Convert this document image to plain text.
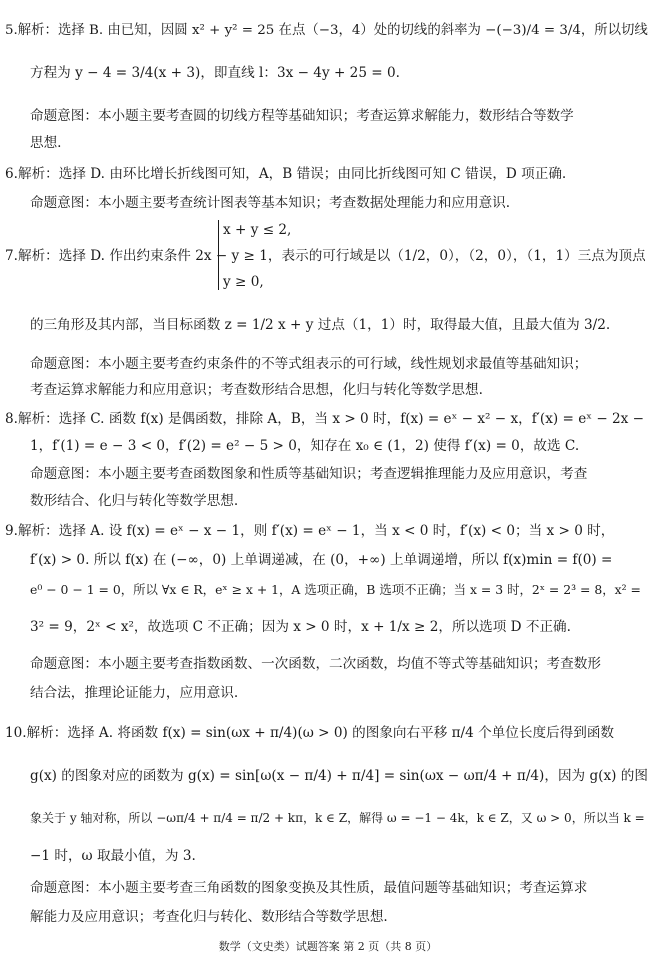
5.解析：选择 B. 由已知，因圆 x² + y² = 25 在点（−3，4）处的切线的斜率为 −(−3)/4 = 3/4，所以切线
方程为 y − 4 = 3/4(x + 3)，即直线 l：3x − 4y + 25 = 0.
命题意图：本小题主要考查圆的切线方程等基础知识；考查运算求解能力，数形结合等数学
思想.
6.解析：选择 D. 由环比增长折线图可知，A，B 错误；由同比折线图可知 C 错误，D 项正确.
命题意图：本小题主要考查统计图表等基本知识；考查数据处理能力和应用意识.
x + y ≤ 2,
7.解析：选择 D. 作出约束条件 2x − y ≥ 1，表示的可行域是以（1/2，0），（2，0），（1，1）三点为顶点
y ≥ 0,
的三角形及其内部，当目标函数 z = 1/2 x + y 过点（1，1）时，取得最大值，且最大值为 3/2.
命题意图：本小题主要考查约束条件的不等式组表示的可行域，线性规划求最值等基础知识；
考查运算求解能力和应用意识；考查数形结合思想，化归与转化等数学思想.
8.解析：选择 C. 函数 f(x) 是偶函数，排除 A，B，当 x > 0 时，f(x) = eˣ − x² − x，f′(x) = eˣ − 2x −
1，f′(1) = e − 3 < 0，f′(2) = e² − 5 > 0，知存在 x₀ ∈ (1，2) 使得 f′(x) = 0，故选 C.
命题意图：本小题主要考查函数图象和性质等基础知识；考查逻辑推理能力及应用意识，考查
数形结合、化归与转化等数学思想.
9.解析：选择 A. 设 f(x) = eˣ − x − 1，则 f′(x) = eˣ − 1，当 x < 0 时，f′(x) < 0；当 x > 0 时，
f′(x) > 0. 所以 f(x) 在 (−∞，0) 上单调递减，在 (0，+∞) 上单调递增，所以 f(x)min = f(0) =
e⁰ − 0 − 1 = 0，所以 ∀x ∈ R，eˣ ≥ x + 1，A 选项正确，B 选项不正确；当 x = 3 时，2ˣ = 2³ = 8，x² =
3² = 9，2ˣ < x²，故选项 C 不正确；因为 x > 0 时，x + 1/x ≥ 2，所以选项 D 不正确.
命题意图：本小题主要考查指数函数、一次函数，二次函数，均值不等式等基础知识；考查数形
结合法，推理论证能力，应用意识.
10.解析：选择 A. 将函数 f(x) = sin(ωx + π/4)(ω > 0) 的图象向右平移 π/4 个单位长度后得到函数
g(x) 的图象对应的函数为 g(x) = sin[ω(x − π/4) + π/4] = sin(ωx − ωπ/4 + π/4)，因为 g(x) 的图
象关于 y 轴对称，所以 −ωπ/4 + π/4 = π/2 + kπ，k ∈ Z，解得 ω = −1 − 4k，k ∈ Z，又 ω > 0，所以当 k =
−1 时，ω 取最小值，为 3.
命题意图：本小题主要考查三角函数的图象变换及其性质，最值问题等基础知识；考查运算求
解能力及应用意识；考查化归与转化、数形结合等数学思想.
数学（文史类）试题答案 第 2 页（共 8 页）
